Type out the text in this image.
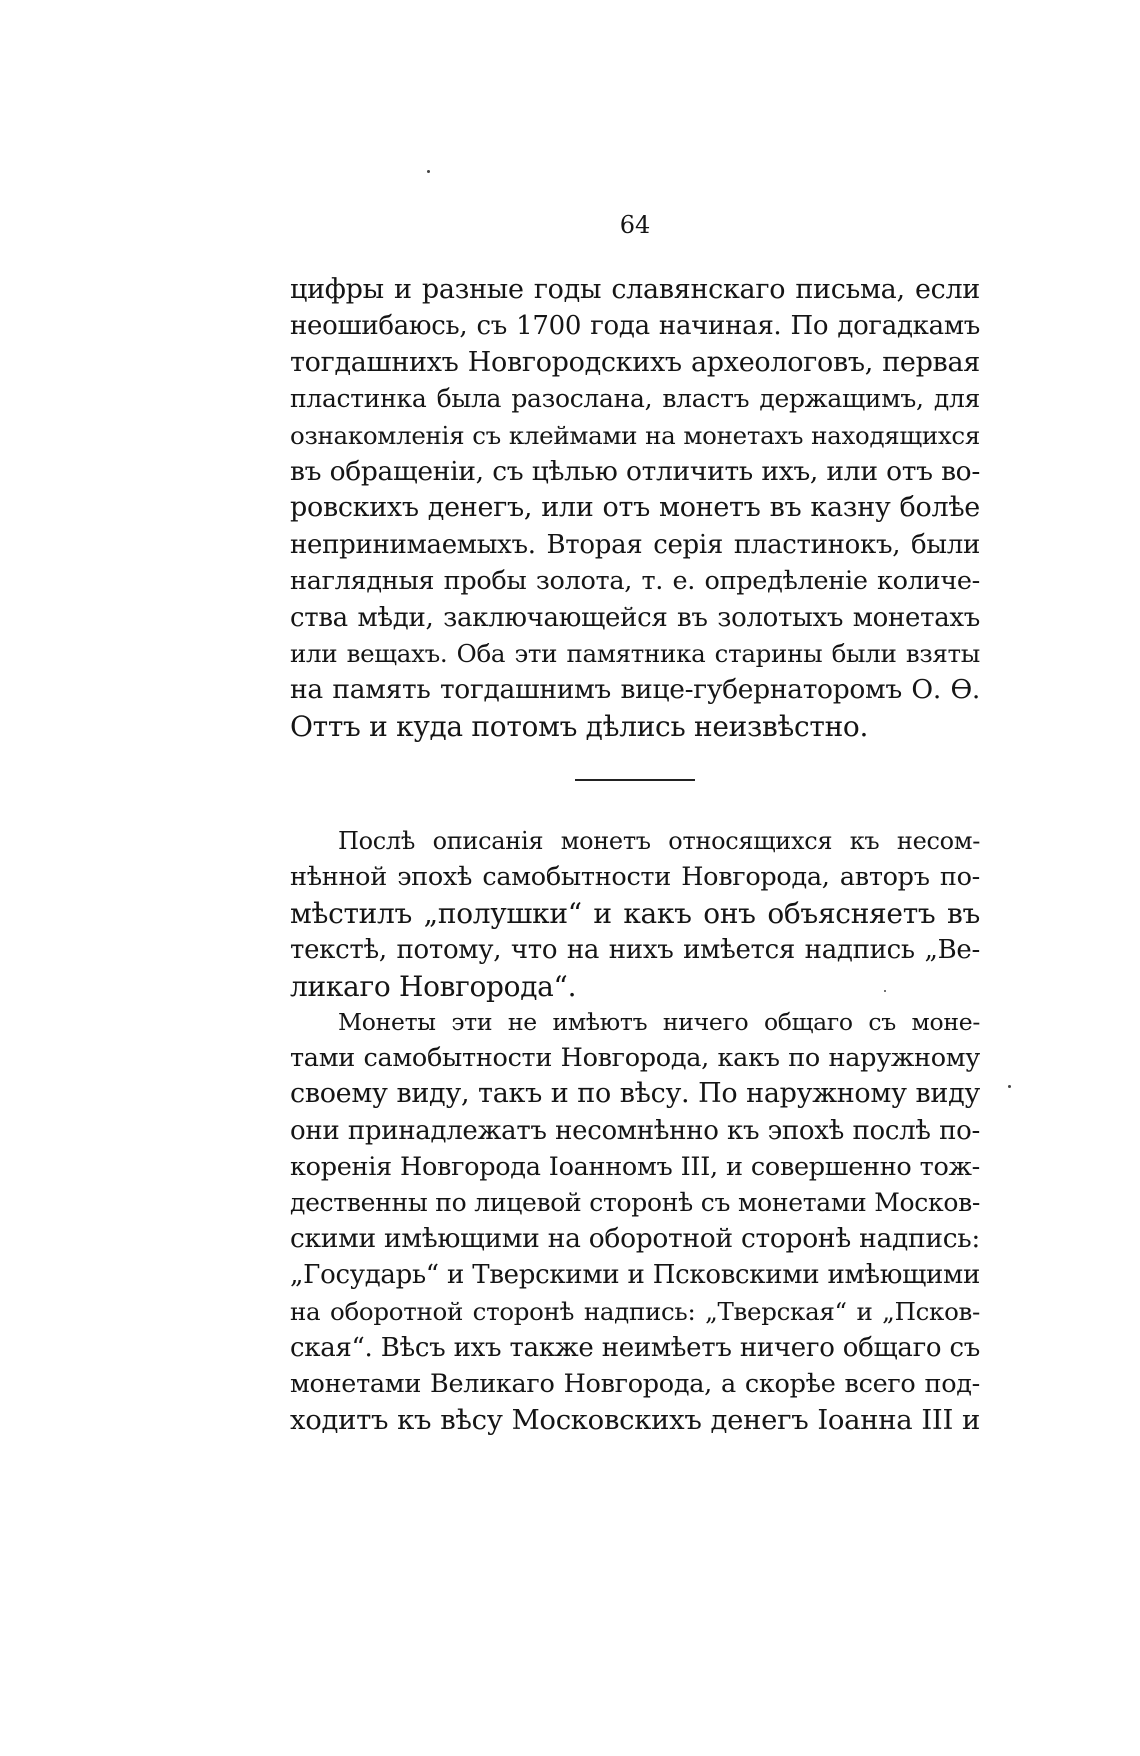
64
цифры и разные годы славянскаго письма, если
неошибаюсь, съ 1700 года начиная. По догадкамъ
тогдашнихъ Новгородскихъ археологовъ, первая
пластинка была разослана, властъ держащимъ, для
ознакомленія съ клеймами на монетахъ находящихся
въ обращеніи, съ цѣлью отличить ихъ, или отъ во-
ровскихъ денегъ, или отъ монетъ въ казну болѣе
непринимаемыхъ. Вторая серія пластинокъ, были
наглядныя пробы золота, т. е. опредѣленіе количе-
ства мѣди, заключающейся въ золотыхъ монетахъ
или вещахъ. Оба эти памятника старины были взяты
на память тогдашнимъ вице-губернаторомъ О. Ѳ.
Оттъ и куда потомъ дѣлись неизвѣстно.
Послѣ описанія монетъ относящихся къ несом-
нѣнной эпохѣ самобытности Новгорода, авторъ по-
мѣстилъ „полушки“ и какъ онъ объясняетъ въ
текстѣ, потому, что на нихъ имѣется надпись „Ве-
ликаго Новгорода“.
Монеты эти не имѣютъ ничего общаго съ моне-
тами самобытности Новгорода, какъ по наружному
своему виду, такъ и по вѣсу. По наружному виду
они принадлежатъ несомнѣнно къ эпохѣ послѣ по-
коренія Новгорода Іоанномъ III, и совершенно тож-
дественны по лицевой сторонѣ съ монетами Москов-
скими имѣющими на оборотной сторонѣ надпись:
„Государь“ и Тверскими и Псковскими имѣющими
на оборотной сторонѣ надпись: „Тверская“ и „Псков-
ская“. Вѣсъ ихъ также неимѣетъ ничего общаго съ
монетами Великаго Новгорода, а скорѣе всего под-
ходитъ къ вѣсу Московскихъ денегъ Іоанна III и
